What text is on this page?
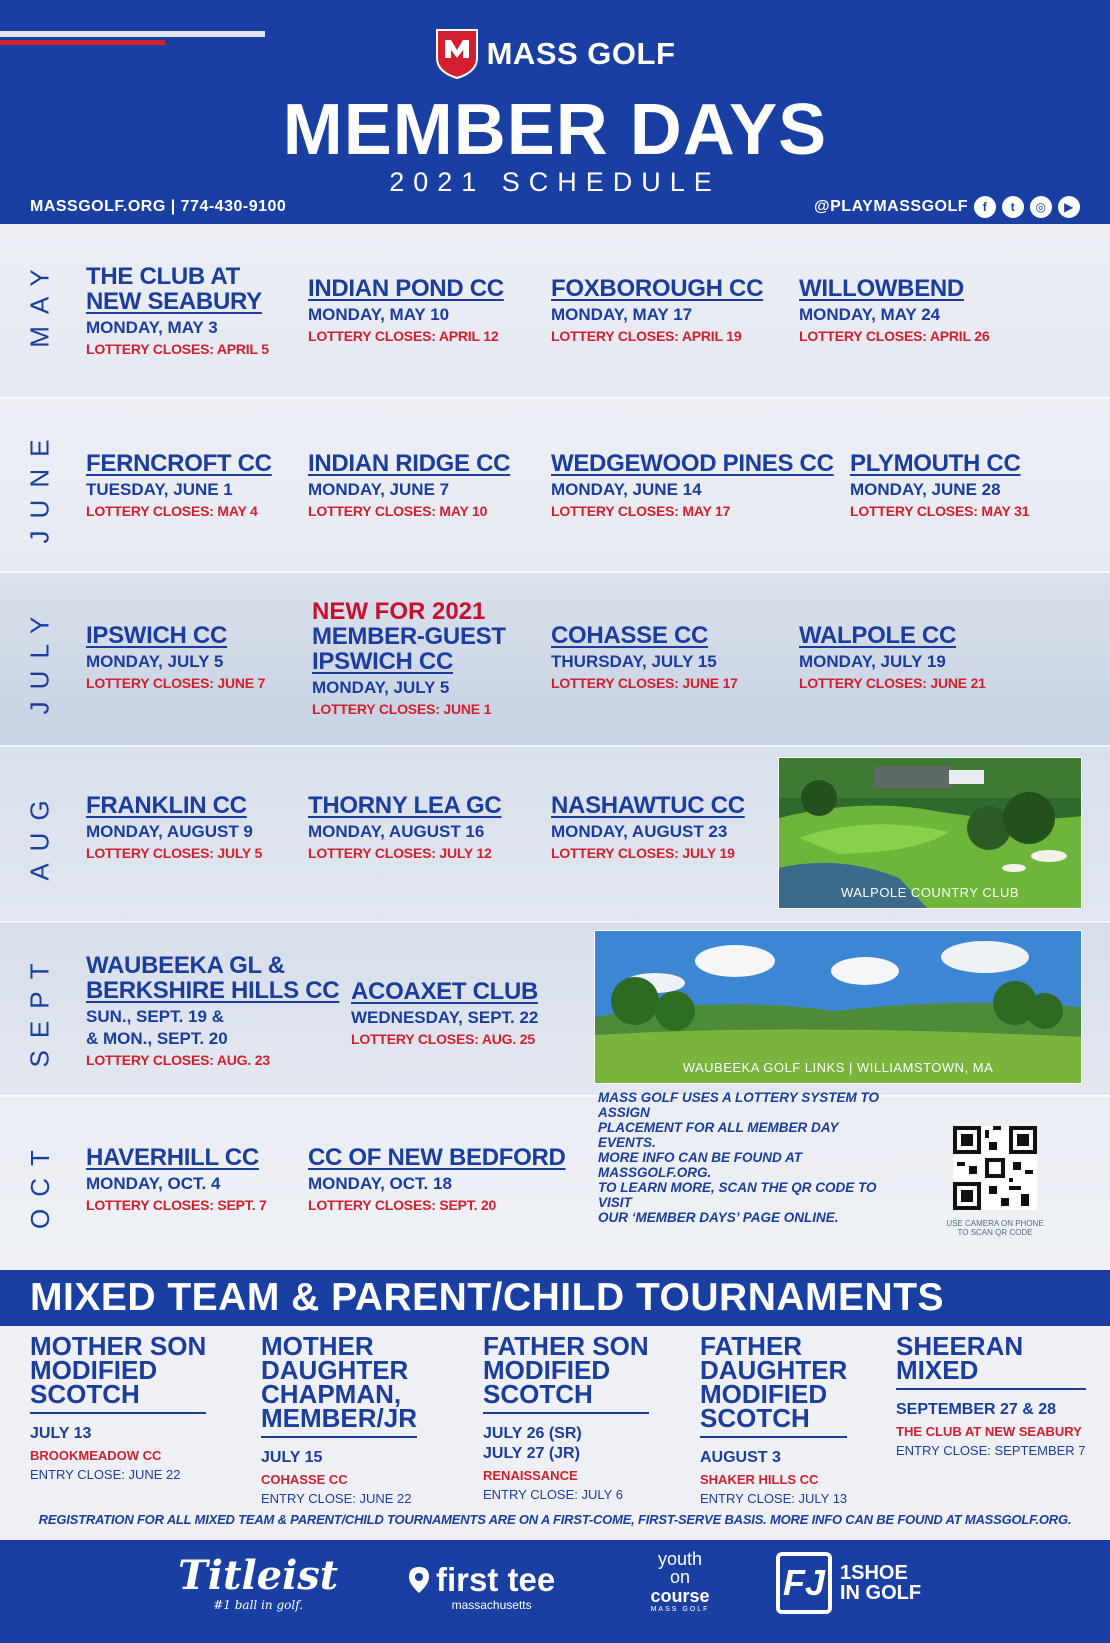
MASS GOLF
MEMBER DAYS
2021 SCHEDULE
MASSGOLF.ORG | 774-430-9100	@PLAYMASSGOLF	f	t	◎	▶
MAY THE CLUB AT
NEW SEABURY
MONDAY, MAY 3
LOTTERY CLOSES: APRIL 5
INDIAN POND CC
MONDAY, MAY 10
LOTTERY CLOSES: APRIL 12
FOXBOROUGH CC
MONDAY, MAY 17
LOTTERY CLOSES: APRIL 19
WILLOWBEND
MONDAY, MAY 24
LOTTERY CLOSES: APRIL 26
JUNE FERNCROFT CC
TUESDAY, JUNE 1
LOTTERY CLOSES: MAY 4
INDIAN RIDGE CC
MONDAY, JUNE 7
LOTTERY CLOSES: MAY 10
WEDGEWOOD PINES CC
MONDAY, JUNE 14
LOTTERY CLOSES: MAY 17
PLYMOUTH CC
MONDAY, JUNE 28
LOTTERY CLOSES: MAY 31
JULY IPSWICH CC
MONDAY, JULY 5
LOTTERY CLOSES: JUNE 7
NEW FOR 2021
MEMBER-GUEST
IPSWICH CC
MONDAY, JULY 5
LOTTERY CLOSES: JUNE 1
COHASSE CC
THURSDAY, JULY 15
LOTTERY CLOSES: JUNE 17
WALPOLE CC
MONDAY, JULY 19
LOTTERY CLOSES: JUNE 21
AUG FRANKLIN CC
MONDAY, AUGUST 9
LOTTERY CLOSES: JULY 5
THORNY LEA GC
MONDAY, AUGUST 16
LOTTERY CLOSES: JULY 12
NASHAWTUC CC
MONDAY, AUGUST 23
LOTTERY CLOSES: JULY 19
WALPOLE COUNTRY CLUB
SEPT WAUBEEKA GL &
BERKSHIRE HILLS CC
SUN., SEPT. 19 &
& MON., SEPT. 20
LOTTERY CLOSES: AUG. 23
ACOAXET CLUB
WEDNESDAY, SEPT. 22
LOTTERY CLOSES: AUG. 25
WAUBEEKA GOLF LINKS | WILLIAMSTOWN, MA
OCT HAVERHILL CC
MONDAY, OCT. 4
LOTTERY CLOSES: SEPT. 7
CC OF NEW BEDFORD
MONDAY, OCT. 18
LOTTERY CLOSES: SEPT. 20
MASS GOLF USES A LOTTERY SYSTEM TO ASSIGN
PLACEMENT FOR ALL MEMBER DAY EVENTS.
MORE INFO CAN BE FOUND AT MASSGOLF.ORG.
TO LEARN MORE, SCAN THE QR CODE TO VISIT
OUR ‘MEMBER DAYS’ PAGE ONLINE.	USE CAMERA ON PHONE
TO SCAN QR CODE
MIXED TEAM & PARENT/CHILD TOURNAMENTS
MOTHER SON
MODIFIED
SCOTCH
JULY 13
BROOKMEADOW CC
ENTRY CLOSE: JUNE 22
MOTHER
DAUGHTER
CHAPMAN,
MEMBER/JR
JULY 15
COHASSE CC
ENTRY CLOSE: JUNE 22
FATHER SON
MODIFIED
SCOTCH
JULY 26 (SR)
JULY 27 (JR)
RENAISSANCE
ENTRY CLOSE: JULY 6
FATHER
DAUGHTER
MODIFIED
SCOTCH
AUGUST 3
SHAKER HILLS CC
ENTRY CLOSE: JULY 13
SHEERAN
MIXED
SEPTEMBER 27 & 28
THE CLUB AT NEW SEABURY
ENTRY CLOSE: SEPTEMBER 7
REGISTRATION FOR ALL MIXED TEAM & PARENT/CHILD TOURNAMENTS ARE ON A FIRST-COME, FIRST-SERVE BASIS. MORE INFO CAN BE FOUND AT MASSGOLF.ORG.
Titleist
#1 ball in golf.
first tee
massachusetts
youth
on
course
MASS GOLF
FJ 1SHOE
IN GOLF
